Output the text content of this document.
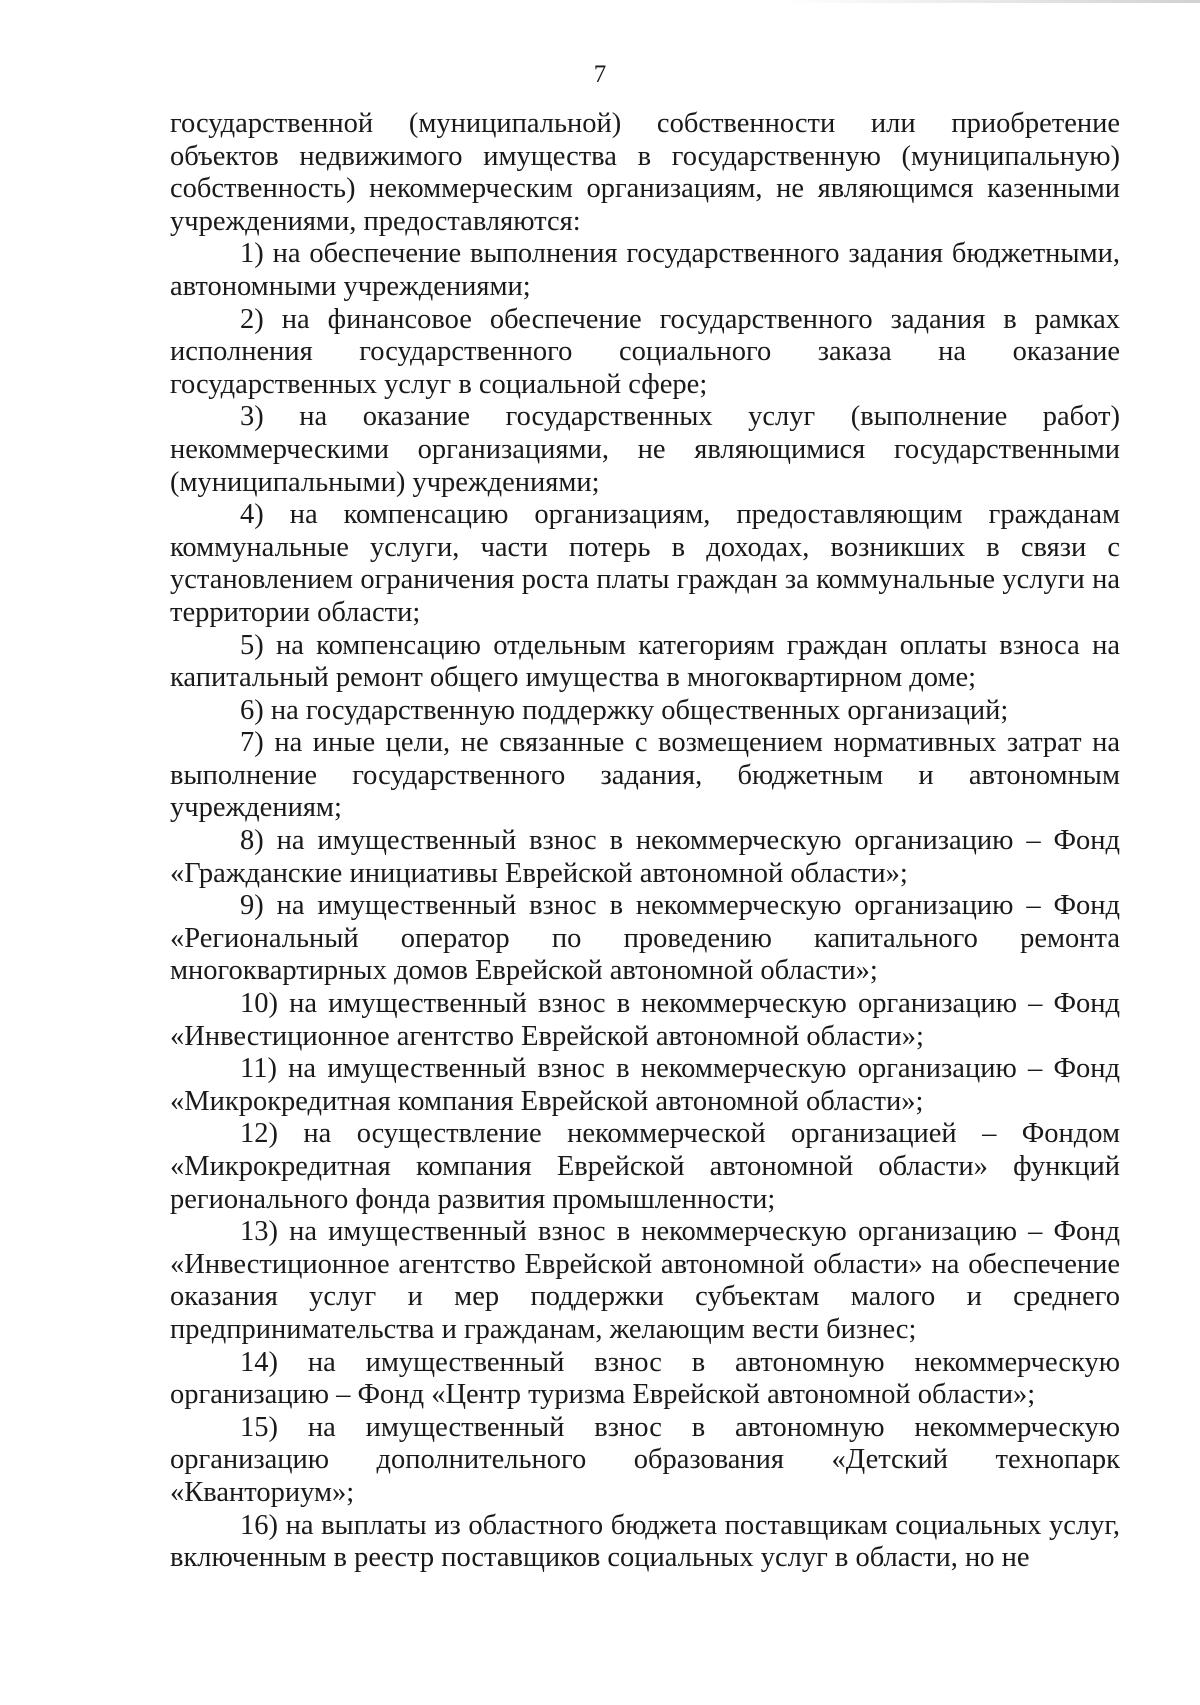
7

государственной (муниципальной) собственности или приобретение объектов недвижимого имущества в государственную (муниципальную) собственность) некоммерческим организациям, не являющимся казенными учреждениями, предоставляются:

1) на обеспечение выполнения государственного задания бюджетными, автономными учреждениями;

2) на финансовое обеспечение государственного задания в рамках исполнения государственного социального заказа на оказание государственных услуг в социальной сфере;

3) на оказание государственных услуг (выполнение работ) некоммерческими организациями, не являющимися государственными (муниципальными) учреждениями;

4) на компенсацию организациям, предоставляющим гражданам коммунальные услуги, части потерь в доходах, возникших в связи с установлением ограничения роста платы граждан за коммунальные услуги на территории области;

5) на компенсацию отдельным категориям граждан оплаты взноса на капитальный ремонт общего имущества в многоквартирном доме;

6) на государственную поддержку общественных организаций;

7) на иные цели, не связанные с возмещением нормативных затрат на выполнение государственного задания, бюджетным и автономным учреждениям;

8) на имущественный взнос в некоммерческую организацию – Фонд «Гражданские инициативы Еврейской автономной области»;

9) на имущественный взнос в некоммерческую организацию – Фонд «Региональный оператор по проведению капитального ремонта многоквартирных домов Еврейской автономной области»;

10) на имущественный взнос в некоммерческую организацию – Фонд «Инвестиционное агентство Еврейской автономной области»;

11) на имущественный взнос в некоммерческую организацию – Фонд «Микрокредитная компания Еврейской автономной области»;

12) на осуществление некоммерческой организацией – Фондом «Микрокредитная компания Еврейской автономной области» функций регионального фонда развития промышленности;

13) на имущественный взнос в некоммерческую организацию – Фонд «Инвестиционное агентство Еврейской автономной области» на обеспечение оказания услуг и мер поддержки субъектам малого и среднего предпринимательства и гражданам, желающим вести бизнес;

14) на имущественный взнос в автономную некоммерческую организацию – Фонд «Центр туризма Еврейской автономной области»;

15) на имущественный взнос в автономную некоммерческую организацию дополнительного образования «Детский технопарк «Кванториум»;

16) на выплаты из областного бюджета поставщикам социальных услуг, включенным в реестр поставщиков социальных услуг в области, но не
